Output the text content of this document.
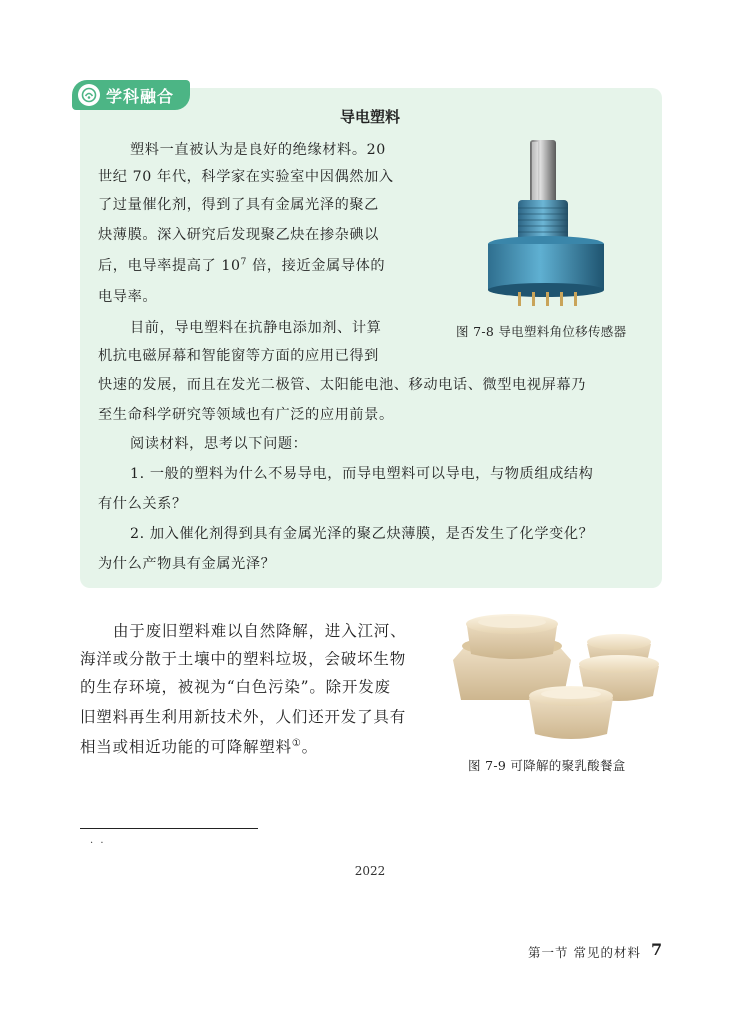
学科融合
导电塑料
塑料一直被认为是良好的绝缘材料。20
世纪 70 年代，科学家在实验室中因偶然加入
了过量催化剂，得到了具有金属光泽的聚乙
炔薄膜。深入研究后发现聚乙炔在掺杂碘以
后，电导率提高了 $10^7$ 倍，接近金属导体的
电导率。
目前，导电塑料在抗静电添加剂、计算
机抗电磁屏幕和智能窗等方面的应用已得到
快速的发展，而且在发光二极管、太阳能电池、移动电话、微型电视屏幕乃
至生命科学研究等领域也有广泛的应用前景。
阅读材料，思考以下问题：
1. 一般的塑料为什么不易导电，而导电塑料可以导电，与物质组成结构
有什么关系？
2. 加入催化剂得到具有金属光泽的聚乙炔薄膜，是否发生了化学变化？
为什么产物具有金属光泽？
图 7-8 导电塑料角位移传感器
由于废旧塑料难以自然降解，进入江河、
海洋或分散于土壤中的塑料垃圾，会破坏生物
的生存环境，被视为“白色污染”。除开发废
旧塑料再生利用新技术外，人们还开发了具有
相当或相近功能的可降解塑料①。
图 7-9 可降解的聚乳酸餐盒
· ·
2022
第一节 常见的材料 7
